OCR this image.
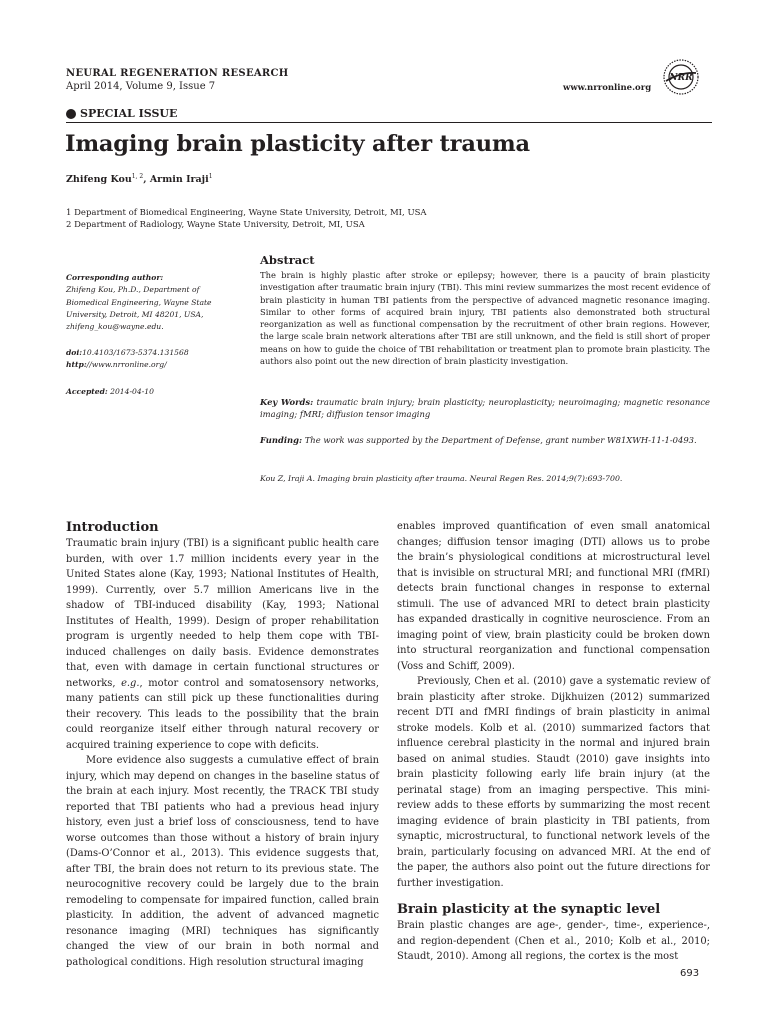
NEURAL REGENERATION RESEARCH
April 2014, Volume 9, Issue 7	www.nrronline.org
NRR
SPECIAL ISSUE
Imaging brain plasticity after trauma
Zhifeng Kou$^{1, 2}$, Armin Iraji$^1$
1 Department of Biomedical Engineering, Wayne State University, Detroit, MI, USA
2 Department of Radiology, Wayne State University, Detroit, MI, USA
Corresponding author:
Zhifeng Kou, Ph.D., Department of
Biomedical Engineering, Wayne State
University, Detroit, MI 48201, USA,
zhifeng_kou@wayne.edu.
doi:10.4103/1673-5374.131568
http://www.nrronline.org/
Accepted: 2014-04-10
Abstract
The brain is highly plastic after stroke or epilepsy; however, there is a paucity of brain plasticity investigation after traumatic brain injury (TBI). This mini review summarizes the most recent evidence of brain plasticity in human TBI patients from the perspective of advanced magnetic resonance imaging. Similar to other forms of acquired brain injury, TBI patients also demonstrated both structural reorganization as well as functional compensation by the recruitment of other brain regions. However, the large scale brain network alterations after TBI are still unknown, and the field is still short of proper means on how to guide the choice of TBI rehabilitation or treatment plan to promote brain plasticity. The authors also point out the new direction of brain plasticity investigation.
Key Words: traumatic brain injury; brain plasticity; neuroplasticity; neuroimaging; magnetic resonance imaging; fMRI; diffusion tensor imaging
Funding: The work was supported by the Department of Defense, grant number W81XWH-11-1-0493.
Kou Z, Iraji A. Imaging brain plasticity after trauma. Neural Regen Res. 2014;9(7):693-700.
Introduction

Traumatic brain injury (TBI) is a significant public health care burden, with over 1.7 million incidents every year in the United States alone (Kay, 1993; National Institutes of Health, 1999). Currently, over 5.7 million Americans live in the shadow of TBI-induced disability (Kay, 1993; National Institutes of Health, 1999). Design of proper rehabilitation program is urgently needed to help them cope with TBI-induced challenges on daily basis. Evidence demonstrates that, even with damage in certain functional structures or networks, e.g., motor control and somatosensory networks, many patients can still pick up these functionalities during their recovery. This leads to the possibility that the brain could reorganize itself either through natural recovery or acquired training experience to cope with deficits.

More evidence also suggests a cumulative effect of brain injury, which may depend on changes in the baseline status of the brain at each injury. Most recently, the TRACK TBI study reported that TBI patients who had a previous head injury history, even just a brief loss of consciousness, tend to have worse outcomes than those without a history of brain injury (Dams-O’Connor et al., 2013). This evidence suggests that, after TBI, the brain does not return to its previous state. The neurocognitive recovery could be largely due to the brain remodeling to compensate for impaired function, called brain plasticity. In addition, the advent of advanced magnetic resonance imaging (MRI) techniques has significantly changed the view of our brain in both normal and pathological conditions. High resolution structural imaging

enables improved quantification of even small anatomical changes; diffusion tensor imaging (DTI) allows us to probe the brain’s physiological conditions at microstructural level that is invisible on structural MRI; and functional MRI (fMRI) detects brain functional changes in response to external stimuli. The use of advanced MRI to detect brain plasticity has expanded drastically in cognitive neuroscience. From an imaging point of view, brain plasticity could be broken down into structural reorganization and functional compensation (Voss and Schiff, 2009).

Previously, Chen et al. (2010) gave a systematic review of brain plasticity after stroke. Dijkhuizen (2012) summarized recent DTI and fMRI findings of brain plasticity in animal stroke models. Kolb et al. (2010) summarized factors that influence cerebral plasticity in the normal and injured brain based on animal studies. Staudt (2010) gave insights into brain plasticity following early life brain injury (at the perinatal stage) from an imaging perspective. This mini-review adds to these efforts by summarizing the most recent imaging evidence of brain plasticity in TBI patients, from synaptic, microstructural, to functional network levels of the brain, particularly focusing on advanced MRI. At the end of the paper, the authors also point out the future directions for further investigation.

Brain plasticity at the synaptic level

Brain plastic changes are age-, gender-, time-, experience-, and region-dependent (Chen et al., 2010; Kolb et al., 2010; Staudt, 2010). Among all regions, the cortex is the most

693
